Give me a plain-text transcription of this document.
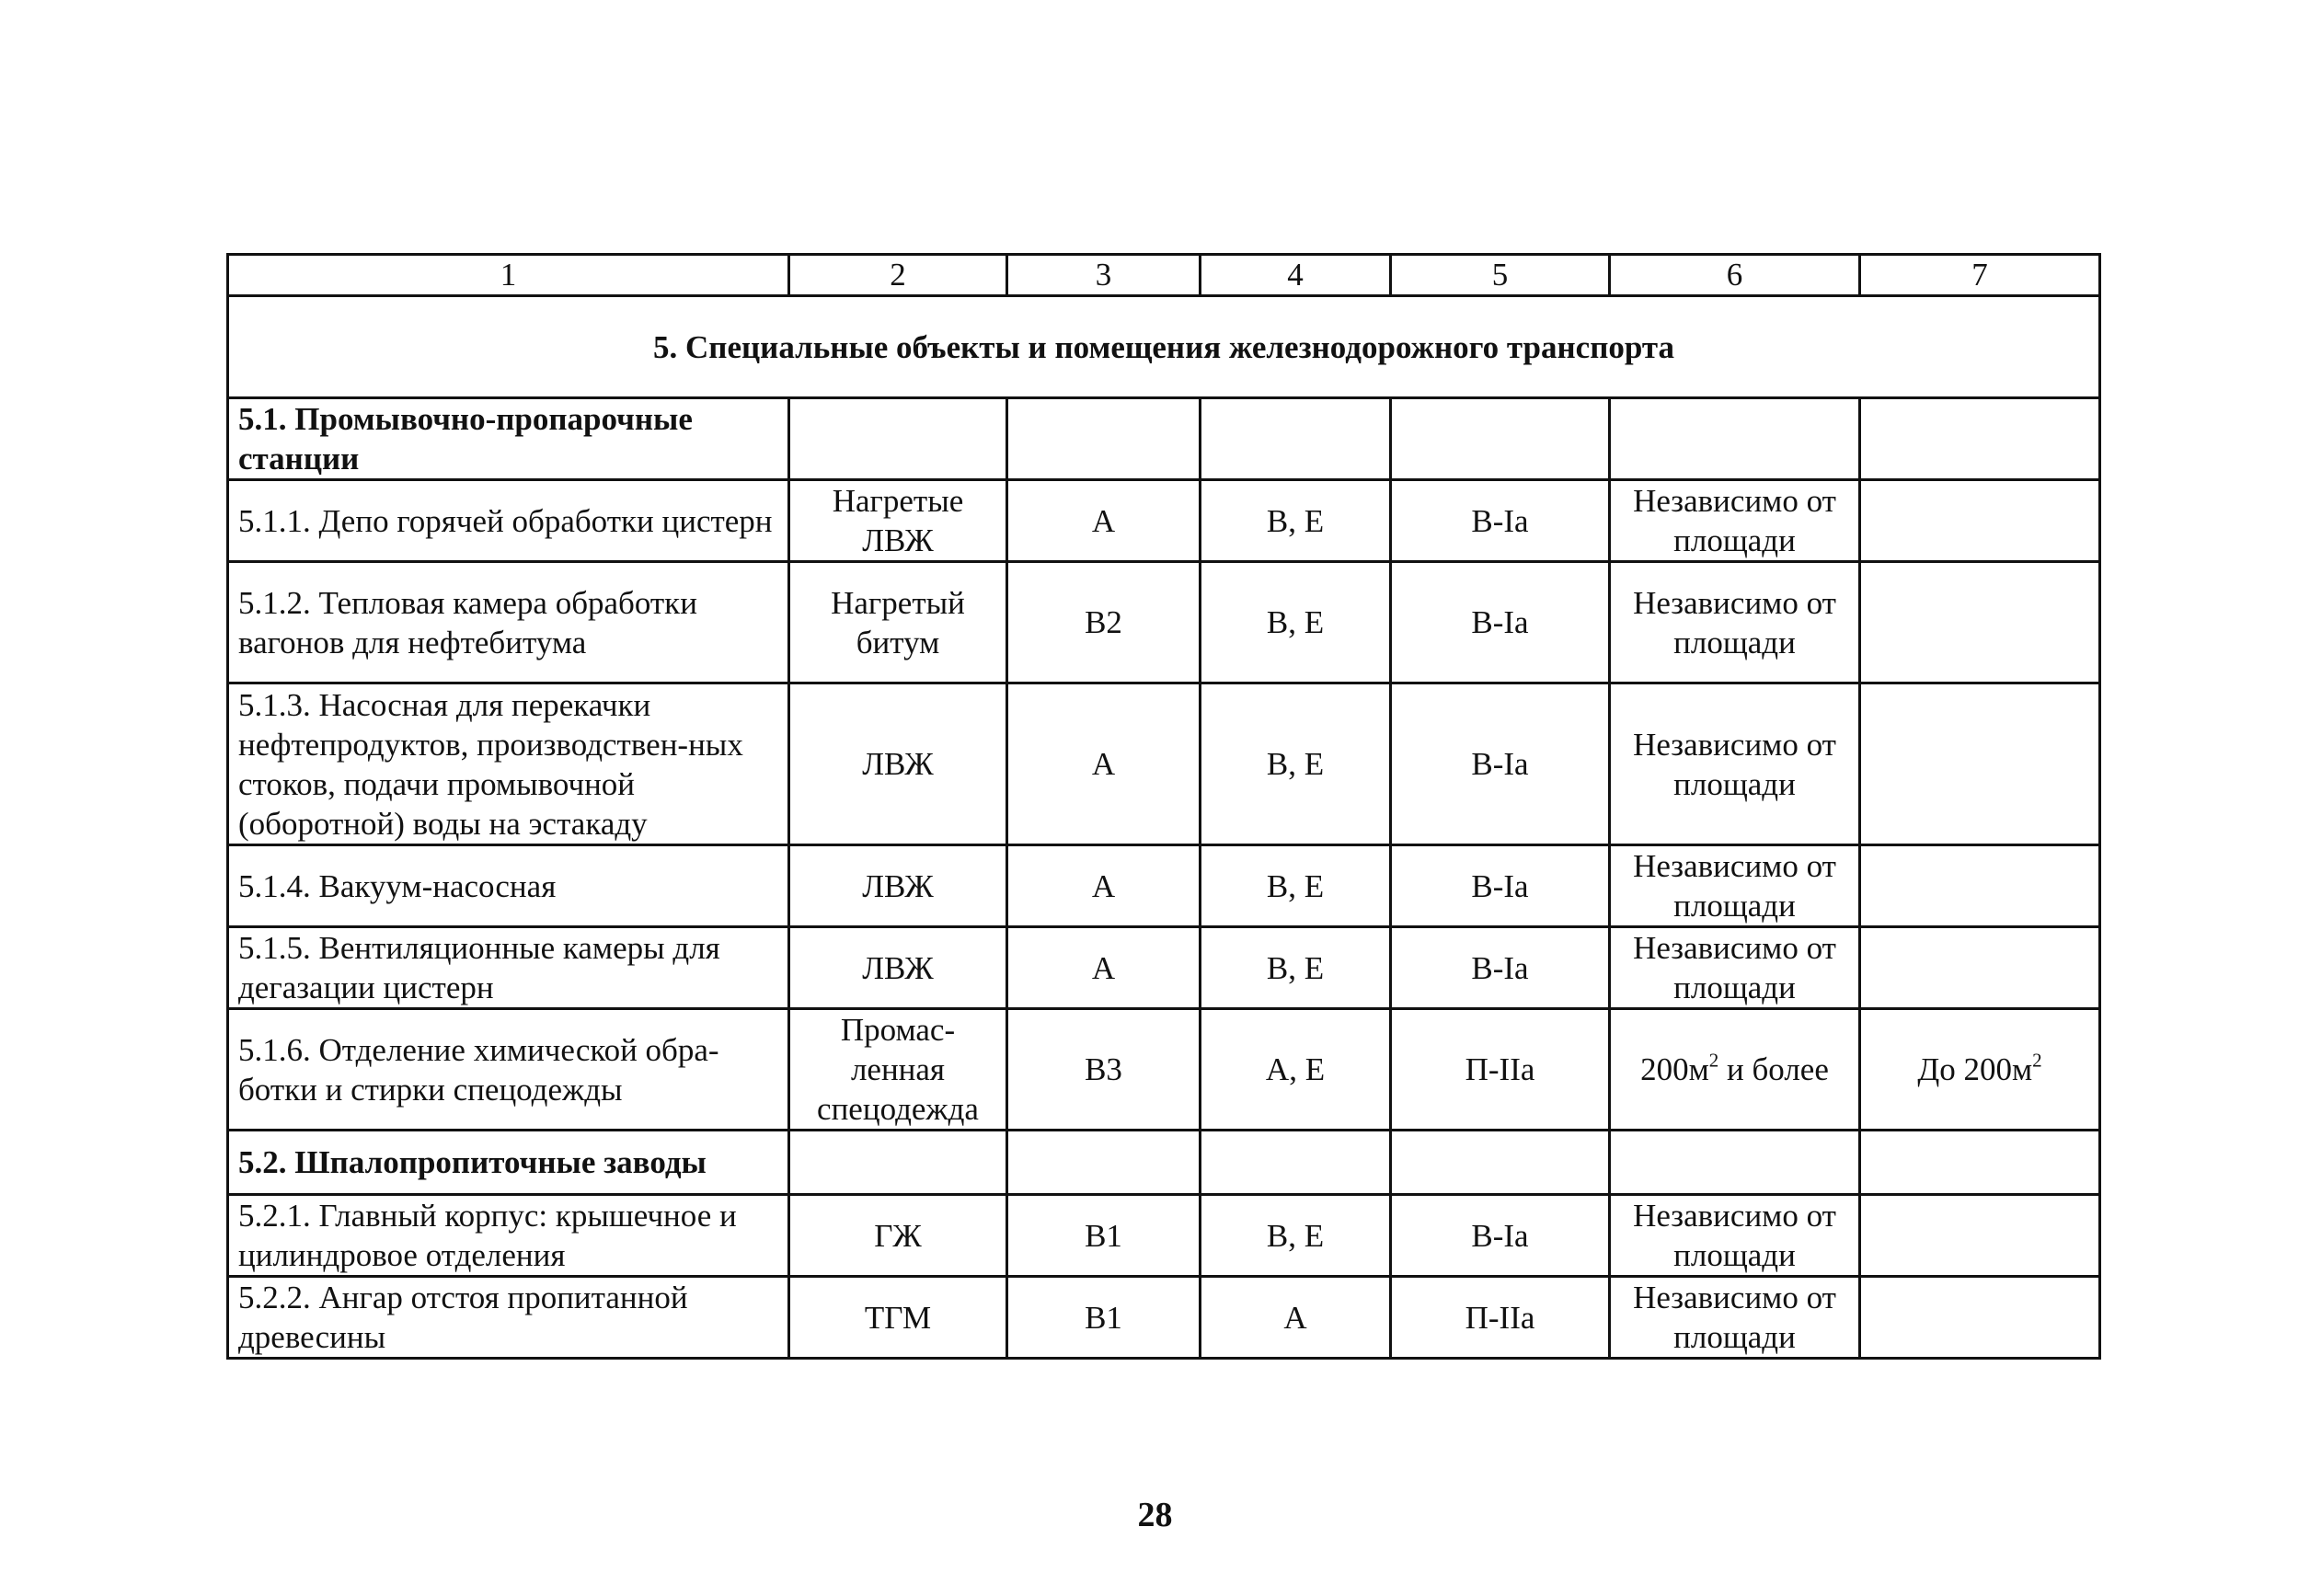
1	2	3	4	5	6	7
5. Специальные объекты и помещения железнодорожного транспорта						
5.1. Промывочно-пропарочные станции						
5.1.1. Депо горячей обработки цистерн	Нагретые ЛВЖ	А	В, Е	В-Iа	Независимо от площади	
5.1.2. Тепловая камера обработки вагонов для нефтебитума	Нагретый битум	В2	В, Е	В-Iа	Независимо от площади	
5.1.3. Насосная для перекачки нефтепродуктов, производствен-ных стоков, подачи промывочной (оборотной) воды на эстакаду	ЛВЖ	А	В, Е	В-Iа	Независимо от площади	
5.1.4. Вакуум-насосная	ЛВЖ	А	В, Е	В-Iа	Независимо от площади	
5.1.5. Вентиляционные камеры для дегазации цистерн	ЛВЖ	А	В, Е	В-Iа	Независимо от площади	
5.1.6. Отделение химической обра-ботки и стирки спецодежды	Промас-ленная спецодежда	В3	А, Е	П-IIа	$200м^2$ и более	До $200м^2$
5.2. Шпалопропиточные заводы						
5.2.1. Главный корпус: крышечное и цилиндровое отделения	ГЖ	В1	В, Е	В-Iа	Независимо от площади	
5.2.2. Ангар отстоя пропитанной древесины	ТГМ	В1	А	П-IIа	Независимо от площади	
28
